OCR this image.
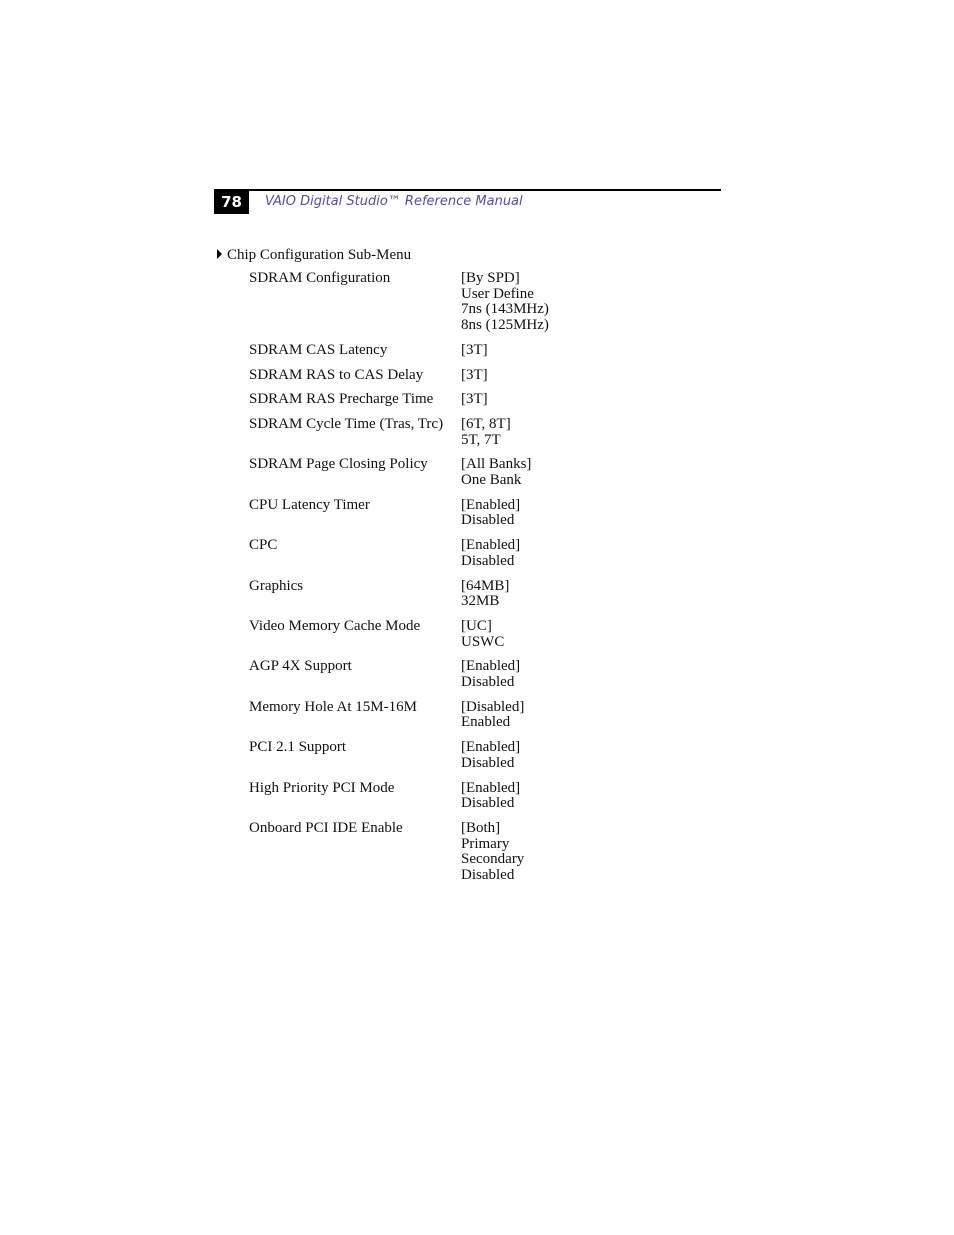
78	VAIO Digital Studio™ Reference Manual
Chip Configuration Sub-Menu
SDRAM Configuration	[By SPD]
User Define
7ns (143MHz)
8ns (125MHz)
SDRAM CAS Latency	[3T]
SDRAM RAS to CAS Delay	[3T]
SDRAM RAS Precharge Time	[3T]
SDRAM Cycle Time (Tras, Trc)	[6T, 8T]
5T, 7T
SDRAM Page Closing Policy	[All Banks]
One Bank
CPU Latency Timer	[Enabled]
Disabled
CPC	[Enabled]
Disabled
Graphics	[64MB]
32MB
Video Memory Cache Mode	[UC]
USWC
AGP 4X Support	[Enabled]
Disabled
Memory Hole At 15M-16M	[Disabled]
Enabled
PCI 2.1 Support	[Enabled]
Disabled
High Priority PCI Mode	[Enabled]
Disabled
Onboard PCI IDE Enable	[Both]
Primary
Secondary
Disabled
